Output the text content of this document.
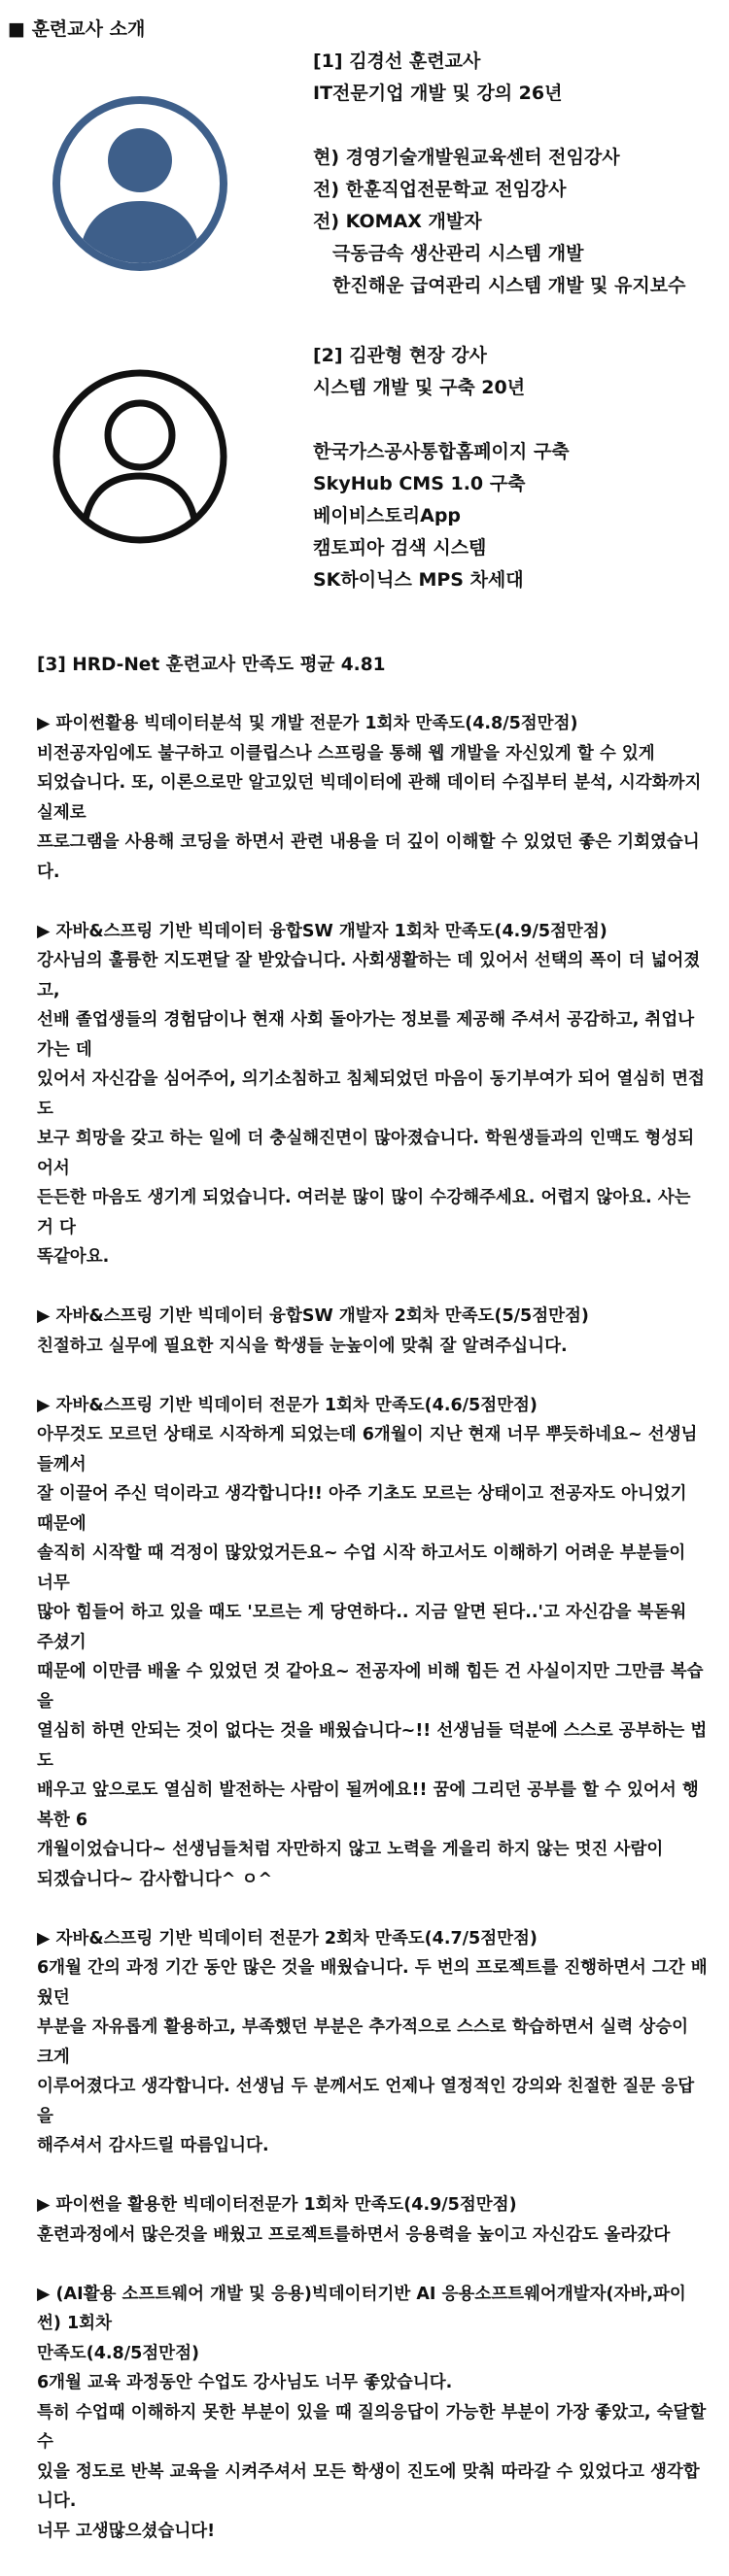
■ 훈련교사 소개
[1] 김경선 훈련교사
IT전문기업 개발 및 강의 26년
현) 경영기술개발원교육센터 전임강사
전) 한훈직업전문학교 전임강사
전) KOMAX 개발자
극동금속 생산관리 시스템 개발
한진해운 급여관리 시스템 개발 및 유지보수
[2] 김관형 현장 강사
시스템 개발 및 구축 20년
한국가스공사통합홈페이지 구축
SkyHub CMS 1.0 구축
베이비스토리App
캠토피아 검색 시스템
SK하이닉스 MPS 차세대

[3] HRD-Net 훈련교사 만족도 평균 4.81

▶ 파이썬활용 빅데이터분석 및 개발 전문가 1회차 만족도(4.8/5점만점)

비전공자임에도 불구하고 이클립스나 스프링을 통해 웹 개발을 자신있게 할 수 있게
되었습니다. 또, 이론으로만 알고있던 빅데이터에 관해 데이터 수집부터 분석, 시각화까지 실제로
프로그램을 사용해 코딩을 하면서 관련 내용을 더 깊이 이해할 수 있었던 좋은 기회였습니다.

▶ 자바&스프링 기반 빅데이터 융합SW 개발자 1회차 만족도(4.9/5점만점)

강사님의 훌륭한 지도편달 잘 받았습니다. 사회생활하는 데 있어서 선택의 폭이 더 넓어졌고,
선배 졸업생들의 경험담이나 현재 사회 돌아가는 정보를 제공해 주셔서 공감하고, 취업나가는 데
있어서 자신감을 심어주어, 의기소침하고 침체되었던 마음이 동기부여가 되어 열심히 면접도
보구 희망을 갖고 하는 일에 더 충실해진면이 많아졌습니다. 학원생들과의 인맥도 형성되어서
든든한 마음도 생기게 되었습니다. 여러분 많이 많이 수강해주세요. 어렵지 않아요. 사는 거 다
똑같아요.

▶ 자바&스프링 기반 빅데이터 융합SW 개발자 2회차 만족도(5/5점만점)

친절하고 실무에 필요한 지식을 학생들 눈높이에 맞춰 잘 알려주십니다.

▶ 자바&스프링 기반 빅데이터 전문가 1회차 만족도(4.6/5점만점)

아무것도 모르던 상태로 시작하게 되었는데 6개월이 지난 현재 너무 뿌듯하네요~ 선생님들께서
잘 이끌어 주신 덕이라고 생각합니다!! 아주 기초도 모르는 상태이고 전공자도 아니었기 때문에
솔직히 시작할 때 걱정이 많았었거든요~ 수업 시작 하고서도 이해하기 어려운 부분들이 너무
많아 힘들어 하고 있을 때도 '모르는 게 당연하다.. 지금 알면 된다..'고 자신감을 북돋워 주셨기
때문에 이만큼 배울 수 있었던 것 같아요~ 전공자에 비해 힘든 건 사실이지만 그만큼 복습을
열심히 하면 안되는 것이 없다는 것을 배웠습니다~!! 선생님들 덕분에 스스로 공부하는 법도
배우고 앞으로도 열심히 발전하는 사람이 될꺼에요!! 꿈에 그리던 공부를 할 수 있어서 행복한 6
개월이었습니다~ 선생님들처럼 자만하지 않고 노력을 게을리 하지 않는 멋진 사람이
되겠습니다~ 감사합니다^ ㅇ^

▶ 자바&스프링 기반 빅데이터 전문가 2회차 만족도(4.7/5점만점)

6개월 간의 과정 기간 동안 많은 것을 배웠습니다. 두 번의 프로젝트를 진행하면서 그간 배웠던
부분을 자유롭게 활용하고, 부족했던 부분은 추가적으로 스스로 학습하면서 실력 상승이 크게
이루어졌다고 생각합니다. 선생님 두 분께서도 언제나 열정적인 강의와 친절한 질문 응답을
해주셔서 감사드릴 따름입니다.

▶ 파이썬을 활용한 빅데이터전문가 1회차 만족도(4.9/5점만점)

훈련과정에서 많은것을 배웠고 프로젝트를하면서 응용력을 높이고 자신감도 올라갔다

▶ (AI활용 소프트웨어 개발 및 응용)빅데이터기반 AI 응용소프트웨어개발자(자바,파이썬) 1회차
만족도(4.8/5점만점)

6개월 교육 과정동안 수업도 강사님도 너무 좋았습니다.
특히 수업때 이해하지 못한 부분이 있을 때 질의응답이 가능한 부분이 가장 좋았고, 숙달할 수
있을 정도로 반복 교육을 시켜주셔서 모든 학생이 진도에 맞춰 따라갈 수 있었다고 생각합니다.
너무 고생많으셨습니다!
